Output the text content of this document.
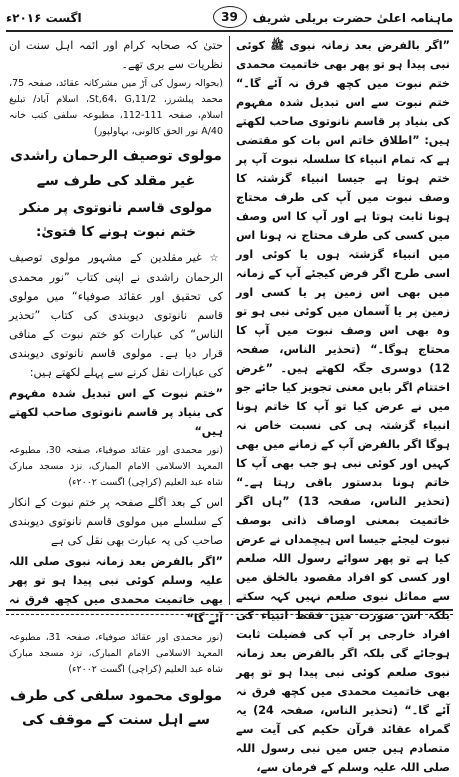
ماہنامہ اعلیٰ حضرت بریلی شریف
39
اگست ۲۰۱۶ء

”اگر بالفرض بعد زمانہ نبوی ﷺ کوئی نبی پیدا ہو تو پھر بھی خاتمیت محمدی ختم نبوت میں کچھ فرق نہ آئے گا۔“ ختم نبوت سے اس تبدیل شدہ مفہوم کی بنیاد پر قاسم نانوتوی صاحب لکھتے ہیں: ”اطلاق خاتم اس بات کو مقتضی ہے کہ تمام انبیاء کا سلسلہ نبوت آپ پر ختم ہوتا ہے جیسا انبیاء گزشتہ کا وصف نبوت میں آپ کی طرف محتاج ہونا ثابت ہوتا ہے اور آپ کا اس وصف میں کسی کی طرف محتاج نہ ہونا اس میں انبیاء گزشتہ ہوں یا کوئی اور اسی طرح اگر فرض کیجئے آپ کے زمانہ میں بھی اس زمین پر یا کسی اور زمین پر یا آسمان میں کوئی نبی ہو تو وہ بھی اس وصف نبوت میں آپ کا محتاج ہوگا۔“ (تحذیر الناس، صفحہ 12) دوسری جگہ لکھتے ہیں۔ ”غرض اختتام اگر بایں معنی تجویز کیا جائے جو میں نے عرض کیا تو آپ کا خاتم ہونا انبیاء گزشتہ ہی کی نسبت خاص نہ ہوگا اگر بالفرض آپ کے زمانے میں بھی کہیں اور کوئی نبی ہو جب بھی آپ کا خاتم ہونا بدستور باقی رہتا ہے۔“ (تحذیر الناس، صفحہ 13) ”ہاں اگر خاتمیت بمعنی اوصاف ذاتی بوصف نبوت لیجئے جیسا اس ہیچمداں نے عرض کیا ہے تو پھر سوائے رسول اللہ صلعم اور کسی کو افراد مقصود بالخلق میں سے مماثل نبوی صلعم نہیں کہہ سکتے بلکہ اس صورت میں فقط انبیاء کی افراد خارجی پر آپ کی فضیلت ثابت ہوجائے گی بلکہ اگر بالفرض بعد زمانہ نبوی صلعم کوئی نبی پیدا ہو تو پھر بھی خاتمیت محمدی میں کچھ فرق نہ آئے گا۔“ (تحذیر الناس، صفحہ 24) یہ گمراہ عقائد قرآن حکیم کی آیت سے متصادم ہیں جس میں نبی رسول اللہ صلی اللہ علیہ وسلم کے فرمان سے،

حتیٰ کہ صحابہ کرام اور ائمہ اہل سنت ان نظریات سے بری تھے۔

(بحوالہ رسول کی آڑ میں مشرکانہ عقائد، صفحہ 75، محمد پبلشرز، St,64، G,11/2، اسلام آباد/ تبلیغ اسلام، صفحہ 111-112، مطبوعہ سلفی کتب خانہ 40/A نور الحق کالونی، بہاولپور)

مولوی توصیف الرحمان راشدی غیر مقلد کی طرف سے
مولوی قاسم نانوتوی پر منکر ختم نبوت ہونے کا فتویٰ:

☆ غیر مقلدین کے مشہور مولوی توصیف الرحمان راشدی نے اپنی کتاب ”نور محمدی کی تحقیق اور عقائد صوفیاء“ میں مولوی قاسم نانوتوی دیوبندی کی کتاب ”تحذیر الناس“ کی عبارات کو ختم نبوت کے منافی قرار دیا ہے۔ مولوی قاسم نانوتوی دیوبندی کی عبارات نقل کرنے سے پہلے لکھتے ہیں:

”ختم نبوت کے اس تبدیل شدہ مفہوم کی بنیاد پر قاسم نانوتوی صاحب لکھتے ہیں“

(نور محمدی اور عقائد صوفیاء، صفحہ 30، مطبوعہ المعہد الاسلامی الامام المبارک، نزد مسجد مبارک شاہ عبد العلیم (کراچی) اگست ۲۰۰۲ء)

اس کے بعد اگلے صفحہ پر ختم نبوت کے انکار کے سلسلے میں مولوی قاسم نانوتوی دیوبندی صاحب کی یہ عبارت بھی نقل کی ہے

”اگر بالفرض بعد زمانہ نبوی صلی اللہ علیہ وسلم کوئی نبی پیدا ہو تو پھر بھی خاتمیت محمدی میں کچھ فرق نہ آئے گا“

(نور محمدی اور عقائد صوفیاء، صفحہ 31، مطبوعہ المعہد الاسلامی الامام المبارک، نزد مسجد مبارک شاہ عبد العلیم (کراچی) اگست ۲۰۰۲ء)

مولوی محمود سلفی کی طرف سے اہل سنت کے موقف کی
